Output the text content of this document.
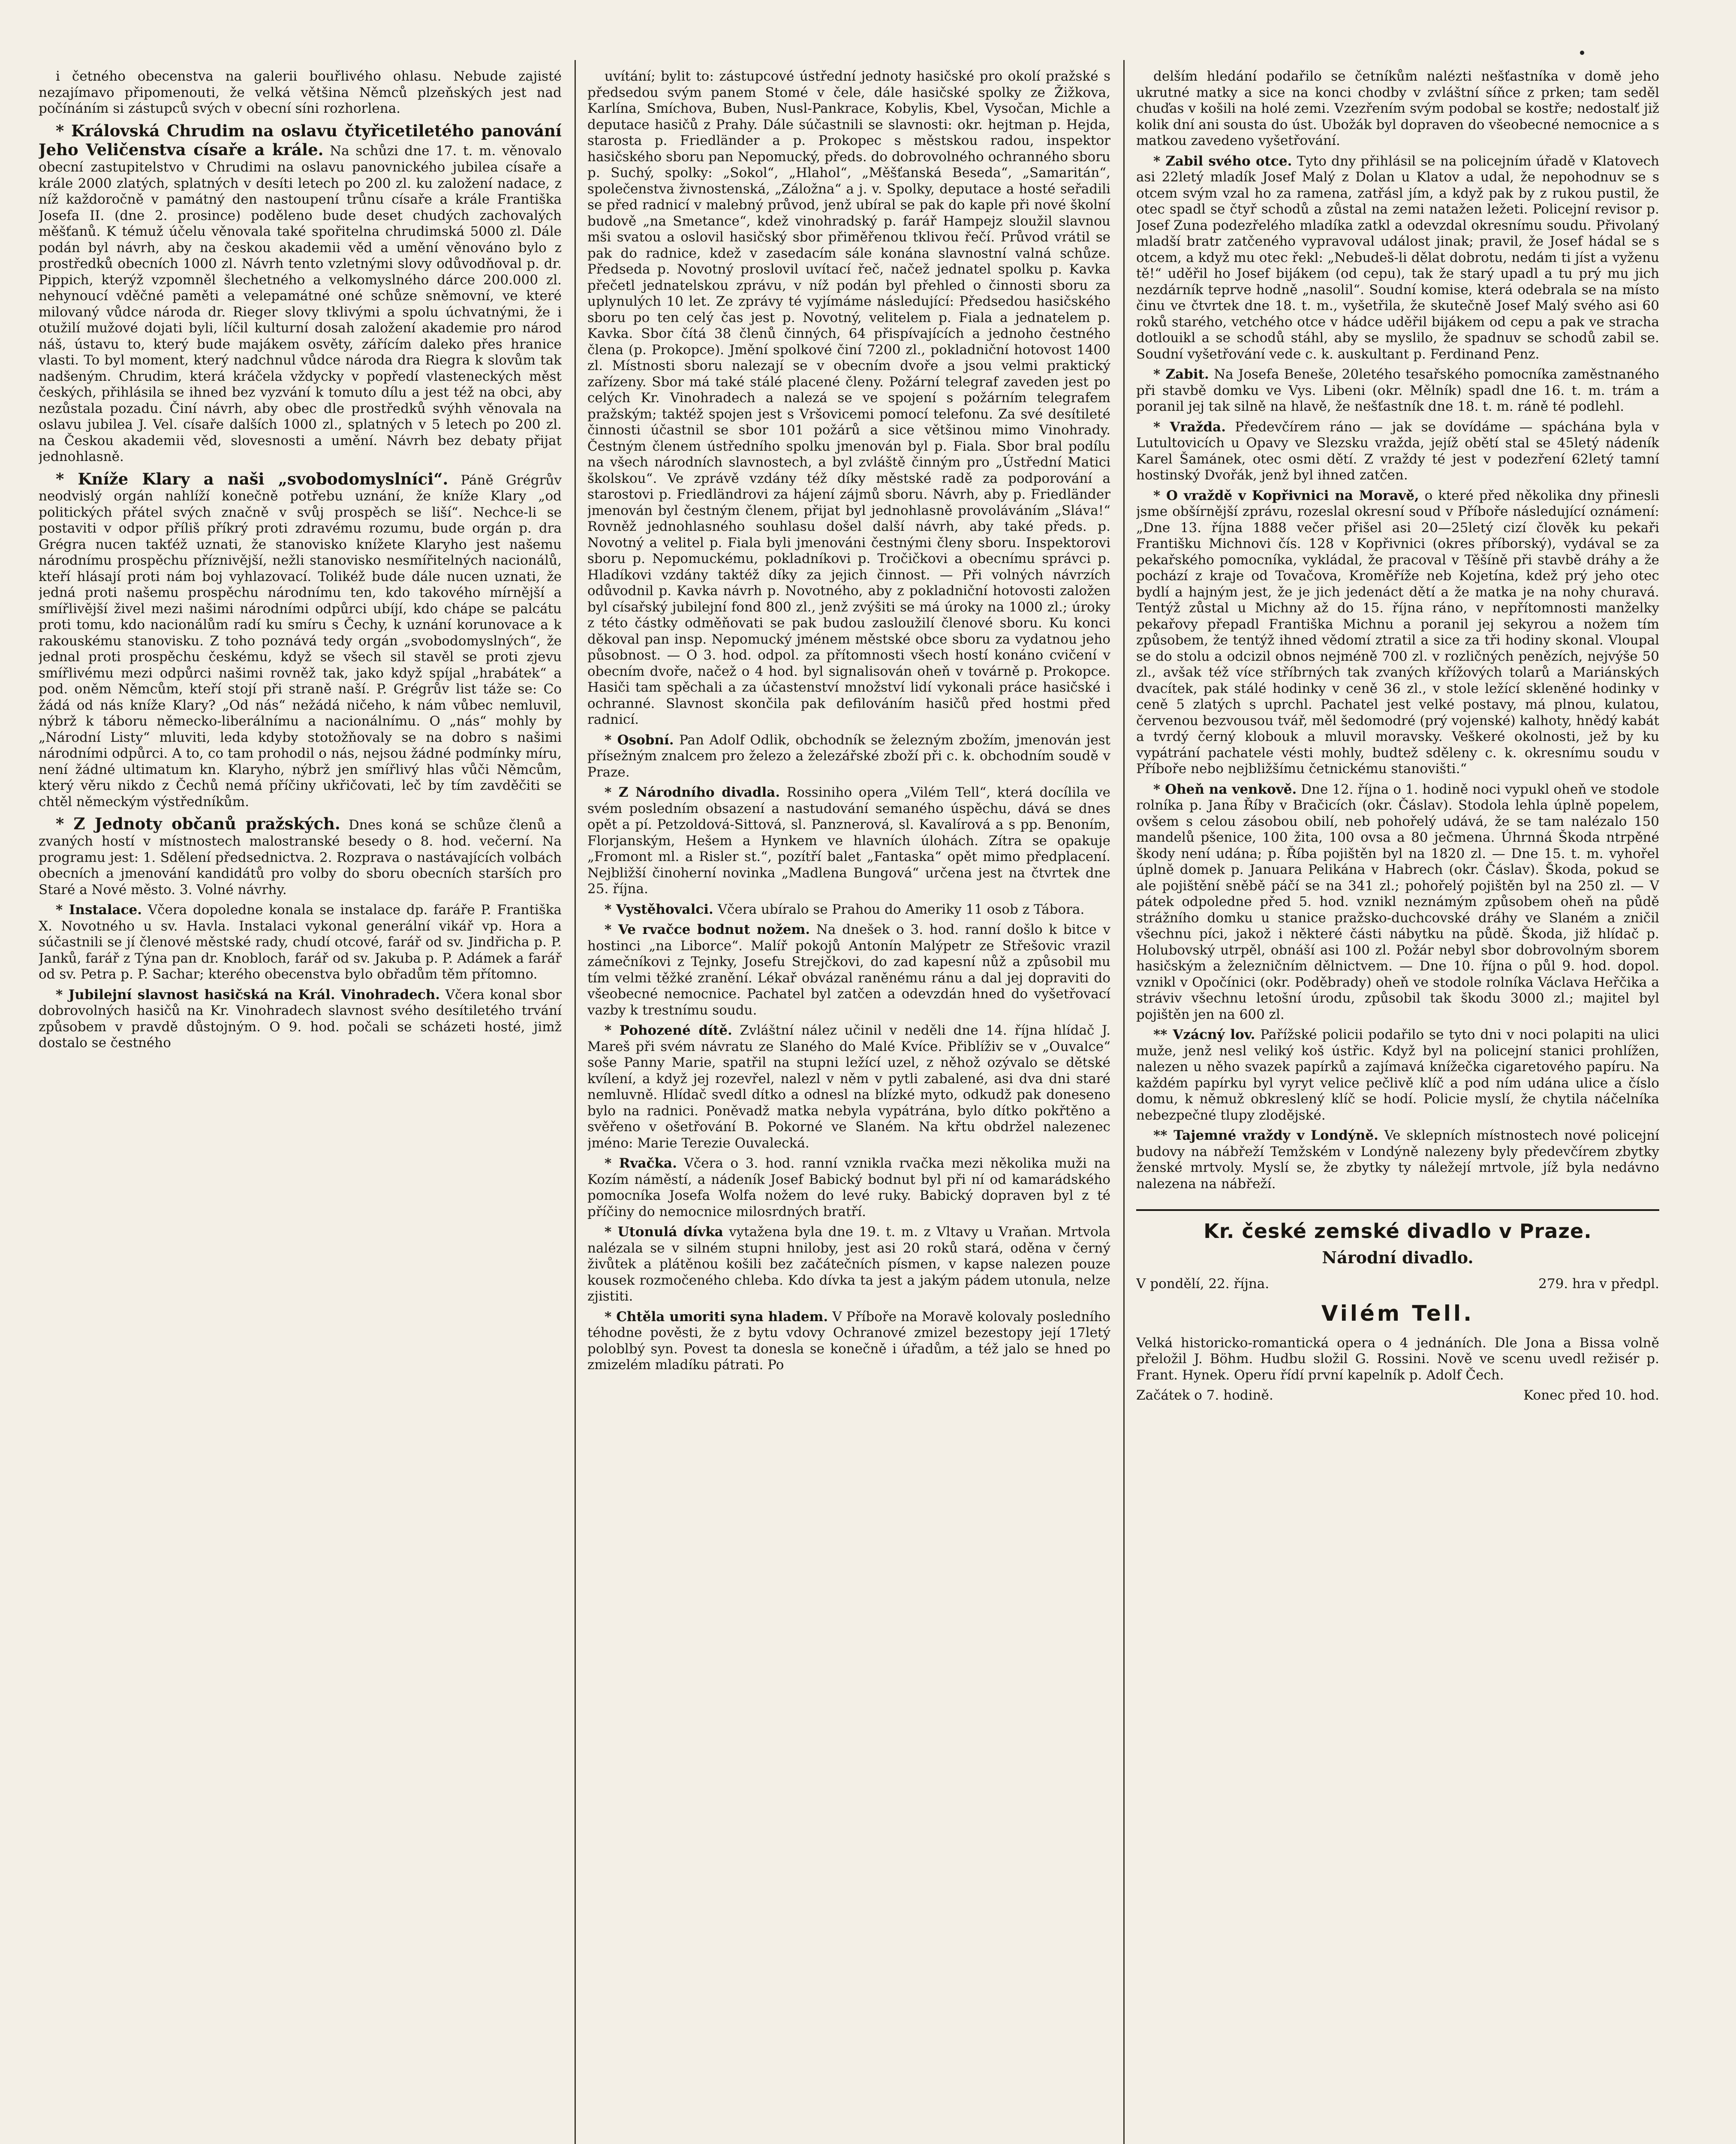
i četného obecenstva na galerii bouřlivého ohlasu. Nebude zajisté nezajímavo připomenouti, že velká většina Němců plzeňských jest nad počínáním si zástupců svých v obecní síni rozhorlena.

* Královská Chrudim na oslavu čtyřicetiletého panování Jeho Veličenstva císaře a krále. Na schůzi dne 17. t. m. věnovalo obecní zastupitelstvo v Chrudimi na oslavu panovnického jubilea císaře a krále 2000 zlatých, splatných v desíti letech po 200 zl. ku založení nadace, z níž každoročně v památný den nastoupení trůnu císaře a krále Františka Josefa II. (dne 2. prosince) poděleno bude deset chudých zachovalých měšťanů. K témuž účelu věnovala také spořitelna chrudimská 5000 zl. Dále podán byl návrh, aby na českou akademii věd a umění věnováno bylo z prostředků obecních 1000 zl. Návrh tento vzletnými slovy odůvodňoval p. dr. Pippich, kterýž vzpomněl šlechetného a velkomyslného dárce 200.000 zl. nehynoucí vděčné paměti a velepamátné oné schůze sněmovní, ve které milovaný vůdce národa dr. Rieger slovy tklivými a spolu úchvatnými, že i otužilí mužové dojati byli, líčil kulturní dosah založení akademie pro národ náš, ústavu to, který bude majákem osvěty, zářícím daleko přes hranice vlasti. To byl moment, který nadchnul vůdce národa dra Riegra k slovům tak nadšeným. Chrudim, která kráčela vždycky v popředí vlasteneckých měst českých, přihlásila se ihned bez vyzvání k tomuto dílu a jest též na obci, aby nezůstala pozadu. Činí návrh, aby obec dle prostředků svýhh věnovala na oslavu jubilea J. Vel. císaře dalších 1000 zl., splatných v 5 letech po 200 zl. na Českou akademii věd, slovesnosti a umění. Návrh bez debaty přijat jednohlasně.

* Kníže Klary a naši „svobodomyslníci“. Páně Grégrův neodvislý orgán nahlíží konečně potřebu uznání, že kníže Klary „od politických přátel svých značně v svůj prospěch se liší“. Nechce-li se postaviti v odpor příliš příkrý proti zdravému rozumu, bude orgán p. dra Grégra nucen takťéž uznati, že stanovisko knížete Klaryho jest našemu národnímu prospěchu příznivější, nežli stanovisko nesmířitelných nacionálů, kteří hlásají proti nám boj vyhlazovací. Tolikéž bude dále nucen uznati, že jedná proti našemu prospěchu národnímu ten, kdo takového mírnější a smířlivější živel mezi našimi národními odpůrci ubíjí, kdo chápe se palcátu proti tomu, kdo nacionálům radí ku smíru s Čechy, k uznání korunovace a k rakouskému stanovisku. Z toho poznává tedy orgán „svobodomyslných“, že jednal proti prospěchu českému, když se všech sil stavěl se proti zjevu smířlivému mezi odpůrci našimi rovněž tak, jako když spíjal „hrabátek“ a pod. oněm Němcům, kteří stojí při straně naší. P. Grégrův list táže se: Co žádá od nás kníže Klary? „Od nás“ nežádá ničeho, k nám vůbec nemluvil, nýbrž k táboru německo-liberálnímu a nacionálnímu. O „nás“ mohly by „Národní Listy“ mluviti, leda kdyby stotožňovaly se na dobro s našimi národními odpůrci. A to, co tam prohodil o nás, nejsou žádné podmínky míru, není žádné ultimatum kn. Klaryho, nýbrž jen smířlivý hlas vůči Němcům, který věru nikdo z Čechů nemá příčiny ukřičovati, leč by tím zavděčiti se chtěl německým výstředníkům.

* Z Jednoty občanů pražských. Dnes koná se schůze členů a zvaných hostí v místnostech malostranské besedy o 8. hod. večerní. Na programu jest: 1. Sdělení předsednictva. 2. Rozprava o nastávajících volbách obecních a jmenování kandidátů pro volby do sboru obecních starších pro Staré a Nové město. 3. Volné návrhy.

* Instalace. Včera dopoledne konala se instalace dp. faráře P. Františka X. Novotného u sv. Havla. Instalaci vykonal generální vikář vp. Hora a súčastnili se jí členové městské rady, chudí otcové, farář od sv. Jindřicha p. P. Janků, farář z Týna pan dr. Knobloch, farář od sv. Jakuba p. P. Adámek a farář od sv. Petra p. P. Sachar; kterého obecenstva bylo obřadům těm přítomno.

* Jubilejní slavnost hasičská na Král. Vinohradech. Včera konal sbor dobrovolných hasičů na Kr. Vinohradech slavnost svého desítiletého trvání způsobem v pravdě důstojným. O 9. hod. počali se scházeti hosté, jimž dostalo se čestného

uvítání; bylit to: zástupcové ústřední jednoty hasičské pro okolí pražské s předsedou svým panem Stomé v čele, dále hasičské spolky ze Žižkova, Karlína, Smíchova, Buben, Nusl-Pankrace, Kobylis, Kbel, Vysočan, Michle a deputace hasičů z Prahy. Dále súčastnili se slavnosti: okr. hejtman p. Hejda, starosta p. Friedländer a p. Prokopec s městskou radou, inspektor hasičského sboru pan Nepomucký, předs. do dobrovolného ochranného sboru p. Suchý, spolky: „Sokol“, „Hlahol“, „Měšťanská Beseda“, „Samaritán“, společenstva živnostenská, „Záložna“ a j. v. Spolky, deputace a hosté seřadili se před radnicí v malebný průvod, jenž ubíral se pak do kaple při nové školní budově „na Smetance“, kdež vinohradský p. farář Hampejz sloužil slavnou mši svatou a oslovil hasičský sbor přiměřenou tklivou řečí. Průvod vrátil se pak do radnice, kdež v zasedacím sále konána slavnostní valná schůze. Předseda p. Novotný proslovil uvítací řeč, načež jednatel spolku p. Kavka přečetl jednatelskou zprávu, v níž podán byl přehled o činnosti sboru za uplynulých 10 let. Ze zprávy té vyjímáme následující: Předsedou hasičského sboru po ten celý čas jest p. Novotný, velitelem p. Fiala a jednatelem p. Kavka. Sbor čítá 38 členů činných, 64 přispívajících a jednoho čestného člena (p. Prokopce). Jmění spolkové činí 7200 zl., pokladniční hotovost 1400 zl. Místnosti sboru nalezají se v obecním dvoře a jsou velmi praktický zařízeny. Sbor má také stálé placené členy. Požární telegraf zaveden jest po celých Kr. Vinohradech a nalezá se ve spojení s požárním telegrafem pražským; taktéž spojen jest s Vršovicemi pomocí telefonu. Za své desítileté činnosti účastnil se sbor 101 požárů a sice většinou mimo Vinohrady. Čestným členem ústředního spolku jmenován byl p. Fiala. Sbor bral podílu na všech národních slavnostech, a byl zvláště činným pro „Ústřední Matici školskou“. Ve zprávě vzdány též díky městské radě za podporování a starostovi p. Friedländrovi za hájení zájmů sboru. Návrh, aby p. Friedländer jmenován byl čestným členem, přijat byl jednohlasně provoláváním „Sláva!“ Rovněž jednohlasného souhlasu došel další návrh, aby také předs. p. Novotný a velitel p. Fiala byli jmenováni čestnými členy sboru. Inspektorovi sboru p. Nepomuckému, pokladníkovi p. Tročičkovi a obecnímu správci p. Hladíkovi vzdány taktéž díky za jejich činnost. — Při volných návrzích odůvodnil p. Kavka návrh p. Novotného, aby z pokladniční hotovosti založen byl císařský jubilejní fond 800 zl., jenž zvýšiti se má úroky na 1000 zl.; úroky z této částky odměňovati se pak budou zasloužilí členové sboru. Ku konci děkoval pan insp. Nepomucký jménem městské obce sboru za vydatnou jeho působnost. — O 3. hod. odpol. za přítomnosti všech hostí konáno cvičení v obecním dvoře, načež o 4 hod. byl signalisován oheň v továrně p. Prokopce. Hasiči tam spěchali a za účastenství množství lidí vykonali práce hasičské i ochranné. Slavnost skončila pak defilováním hasičů před hostmi před radnicí.

* Osobní. Pan Adolf Odlik, obchodník se železným zbožím, jmenován jest přísežným znalcem pro železo a železářské zboží při c. k. obchodním soudě v Praze.

* Z Národního divadla. Rossiniho opera „Vilém Tell“, která docílila ve svém posledním obsazení a nastudování semaného úspěchu, dává se dnes opět a pí. Petzoldová-Sittová, sl. Panznerová, sl. Kavalírová a s pp. Benoním, Florjanským, Hešem a Hynkem ve hlavních úlohách. Zítra se opakuje „Fromont ml. a Risler st.“, pozítří balet „Fantaska“ opět mimo předplacení. Nejbližší činoherní novinka „Madlena Bungová“ určena jest na čtvrtek dne 25. října.

* Vystěhovalci. Včera ubíralo se Prahou do Ameriky 11 osob z Tábora.

* Ve rvačce bodnut nožem. Na dnešek o 3. hod. ranní došlo k bitce v hostinci „na Liborce“. Malíř pokojů Antonín Malýpetr ze Střešovic vrazil zámečníkovi z Tejnky, Josefu Strejčkovi, do zad kapesní nůž a způsobil mu tím velmi těžké zranění. Lékař obvázal raněnému ránu a dal jej dopraviti do všeobecné nemocnice. Pachatel byl zatčen a odevzdán hned do vyšetřovací vazby k trestnímu soudu.

* Pohozené dítě. Zvláštní nález učinil v neděli dne 14. října hlídač J. Mareš při svém návratu ze Slaného do Malé Kvíce. Přiblíživ se v „Ouvalce“ soše Panny Marie, spatřil na stupni ležící uzel, z něhož ozývalo se dětské kvílení, a když jej rozevřel, nalezl v něm v pytli zabalené, asi dva dni staré nemluvně. Hlídač svedl dítko a odnesl na blízké myto, odkudž pak doneseno bylo na radnici. Poněvadž matka nebyla vypátrána, bylo dítko pokřtěno a svěřeno v ošetřování B. Pokorné ve Slaném. Na křtu obdržel nalezenec jméno: Marie Terezie Ouvalecká.

* Rvačka. Včera o 3. hod. ranní vznikla rvačka mezi několika muži na Kozím náměstí, a nádeník Josef Babický bodnut byl při ní od kamarádského pomocníka Josefa Wolfa nožem do levé ruky. Babický dopraven byl z té příčiny do nemocnice milosrdných bratří.

* Utonulá dívka vytažena byla dne 19. t. m. z Vltavy u Vraňan. Mrtvola nalézala se v silném stupni hniloby, jest asi 20 roků stará, oděna v černý živůtek a plátěnou košili bez začátečních písmen, v kapse nalezen pouze kousek rozmočeného chleba. Kdo dívka ta jest a jakým pádem utonula, nelze zjistiti.

* Chtěla umoriti syna hladem. V Příboře na Moravě kolovaly posledního téhodne pověsti, že z bytu vdovy Ochranové zmizel bezestopy její 17letý poloblbý syn. Povest ta donesla se konečně i úřadům, a též jalo se hned po zmizelém mladíku pátrati. Po

delším hledání podařilo se četníkům nalézti nešťastníka v domě jeho ukrutné matky a sice na konci chodby v zvláštní síňce z prken; tam seděl chuďas v košili na holé zemi. Vzezřením svým podobal se kostře; nedostalť již kolik dní ani sousta do úst. Ubožák byl dopraven do všeobecné nemocnice a s matkou zavedeno vyšetřování.

* Zabil svého otce. Tyto dny přihlásil se na policejním úřadě v Klatovech asi 22letý mladík Josef Malý z Dolan u Klatov a udal, že nepohodnuv se s otcem svým vzal ho za ramena, zatřásl jím, a když pak by z rukou pustil, že otec spadl se čtyř schodů a zůstal na zemi natažen ležeti. Policejní revisor p. Josef Zuna podezřelého mladíka zatkl a odevzdal okresnímu soudu. Přivolaný mladší bratr zatčeného vypravoval událost jinak; pravil, že Josef hádal se s otcem, a když mu otec řekl: „Nebudeš-li dělat dobrotu, nedám ti jíst a vyženu tě!“ uděřil ho Josef bijákem (od cepu), tak že starý upadl a tu prý mu jich nezdárník teprve hodně „nasolil“. Soudní komise, která odebrala se na místo činu ve čtvrtek dne 18. t. m., vyšetřila, že skutečně Josef Malý svého asi 60 roků starého, vetchého otce v hádce uděřil bijákem od cepu a pak ve stracha dotlouikl a se schodů stáhl, aby se myslilo, že spadnuv se schodů zabil se. Soudní vyšetřování vede c. k. auskultant p. Ferdinand Penz.

* Zabit. Na Josefa Beneše, 20letého tesařského pomocníka zaměstnaného při stavbě domku ve Vys. Libeni (okr. Mělník) spadl dne 16. t. m. trám a poranil jej tak silně na hlavě, že nešťastník dne 18. t. m. ráně té podlehl.

* Vražda. Předevčírem ráno — jak se dovídáme — spáchána byla v Lutultovicích u Opavy ve Slezsku vražda, jejíž obětí stal se 45letý nádeník Karel Šamánek, otec osmi dětí. Z vraždy té jest v podezření 62letý tamní hostinský Dvořák, jenž byl ihned zatčen.

* O vraždě v Kopřivnici na Moravě, o které před několika dny přinesli jsme obšírnější zprávu, rozeslal okresní soud v Příboře následující oznámení: „Dne 13. října 1888 večer přišel asi 20—25letý cizí člověk ku pekaři Františku Michnovi čís. 128 v Kopřivnici (okres příborský), vydával se za pekařského pomocníka, vykládal, že pracoval v Těšíně při stavbě dráhy a že pochází z kraje od Tovačova, Kroměříže neb Kojetína, kdež prý jeho otec bydlí a hajným jest, že je jich jedenáct dětí a že matka je na nohy churavá. Tentýž zůstal u Michny až do 15. října ráno, v nepřítomnosti manželky pekařovy přepadl Františka Michnu a poranil jej sekyrou a nožem tím způsobem, že tentýž ihned vědomí ztratil a sice za tři hodiny skonal. Vloupal se do stolu a odcizil obnos nejméně 700 zl. v rozličných penězích, nejvýše 50 zl., avšak též více stříbrných tak zvaných křížových tolarů a Mariánských dvacítek, pak stálé hodinky v ceně 36 zl., v stole ležící skleněné hodinky v ceně 5 zlatých s uprchl. Pachatel jest velké postavy, má plnou, kulatou, červenou bezvousou tvář, měl šedomodré (prý vojenské) kalhoty, hnědý kabát a tvrdý černý klobouk a mluvil moravsky. Veškeré okolnosti, jež by ku vypátrání pachatele vésti mohly, budtež sděleny c. k. okresnímu soudu v Příboře nebo nejbližšímu četnickému stanovišti.“

* Oheň na venkově. Dne 12. října o 1. hodině noci vypukl oheň ve stodole rolníka p. Jana Říby v Bračicích (okr. Čáslav). Stodola lehla úplně popelem, ovšem s celou zásobou obilí, neb pohořelý udává, že se tam nalézalo 150 mandelů pšenice, 100 žita, 100 ovsa a 80 ječmena. Úhrnná Škoda ntrpěné škody není udána; p. Říba pojištěn byl na 1820 zl. — Dne 15. t. m. vyhořel úplně domek p. Januara Pelikána v Habrech (okr. Čáslav). Škoda, pokud se ale pojištění sněbě páčí se na 341 zl.; pohořelý pojištěn byl na 250 zl. — V pátek odpoledne před 5. hod. vznikl neznámým způsobem oheň na půdě strážního domku u stanice pražsko-duchcovské dráhy ve Slaném a zničil všechnu píci, jakož i některé části nábytku na půdě. Škoda, již hlídač p. Holubovský utrpěl, obnáší asi 100 zl. Požár nebyl sbor dobrovolným sborem hasičským a železničním dělnictvem. — Dne 10. října o půl 9. hod. dopol. vznikl v Opočínici (okr. Poděbrady) oheň ve stodole rolníka Václava Heřčika a stráviv všechnu letošní úrodu, způsobil tak škodu 3000 zl.; majitel byl pojištěn jen na 600 zl.

** Vzácný lov. Pařížské policii podařilo se tyto dni v noci polapiti na ulici muže, jenž nesl veliký koš ústřic. Když byl na policejní stanici prohlížen, nalezen u něho svazek papírků a zajímavá knížečka cigaretového papíru. Na každém papírku byl vyryt velice pečlivě klíč a pod ním udána ulice a číslo domu, k němuž obkreslený klíč se hodí. Policie myslí, že chytila náčelníka nebezpečné tlupy zlodějské.

** Tajemné vraždy v Londýně. Ve sklepních místnostech nové policejní budovy na nábřeží Temžském v Londýně nalezeny byly předevčírem zbytky ženské mrtvoly. Myslí se, že zbytky ty náležejí mrtvole, jíž byla nedávno nalezena na nábřeží.

Kr. české zemské divadlo v Praze.
Národní divadlo.
V pondělí, 22. října.	279. hra v předpl.
Vilém Tell.
Velká historicko-romantická opera o 4 jednáních. Dle Jona a Bissa volně přeložil J. Böhm. Hudbu složil G. Rossini. Nově ve scenu uvedl režisér p. Frant. Hynek. Operu řídí první kapelník p. Adolf Čech.
Začátek o 7. hodině.	Konec před 10. hod.
